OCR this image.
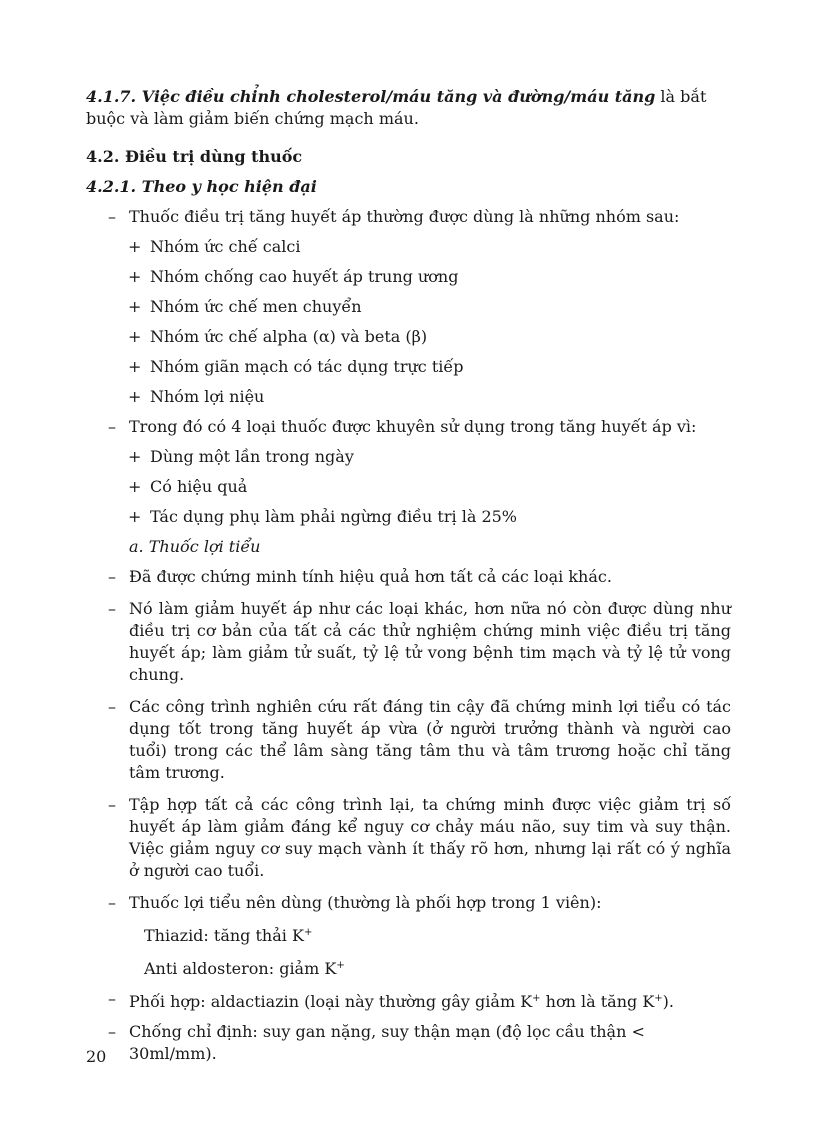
4.1.7. Việc điều chỉnh cholesterol/máu tăng và đường/máu tăng là bắt
buộc và làm giảm biến chứng mạch máu.
4.2. Điều trị dùng thuốc
4.2.1. Theo y học hiện đại
– Thuốc điều trị tăng huyết áp thường được dùng là những nhóm sau:
+ Nhóm ức chế calci
+ Nhóm chống cao huyết áp trung ương
+ Nhóm ức chế men chuyển
+ Nhóm ức chế alpha (α) và beta (β)
+ Nhóm giãn mạch có tác dụng trực tiếp
+ Nhóm lợi niệu
– Trong đó có 4 loại thuốc được khuyên sử dụng trong tăng huyết áp vì:
+ Dùng một lần trong ngày
+ Có hiệu quả
+ Tác dụng phụ làm phải ngừng điều trị là 25%
a. Thuốc lợi tiểu
– Đã được chứng minh tính hiệu quả hơn tất cả các loại khác.
– Nó làm giảm huyết áp như các loại khác, hơn nữa nó còn được dùng như điều trị cơ bản của tất cả các thử nghiệm chứng minh việc điều trị tăng huyết áp; làm giảm tử suất, tỷ lệ tử vong bệnh tim mạch và tỷ lệ tử vong chung.
– Các công trình nghiên cứu rất đáng tin cậy đã chứng minh lợi tiểu có tác dụng tốt trong tăng huyết áp vừa (ở người trưởng thành và người cao tuổi) trong các thể lâm sàng tăng tâm thu và tâm trương hoặc chỉ tăng tâm trương.
– Tập hợp tất cả các công trình lại, ta chứng minh được việc giảm trị số huyết áp làm giảm đáng kể nguy cơ chảy máu não, suy tim và suy thận. Việc giảm nguy cơ suy mạch vành ít thấy rõ hơn, nhưng lại rất có ý nghĩa ở người cao tuổi.
– Thuốc lợi tiểu nên dùng (thường là phối hợp trong 1 viên):
Thiazid: tăng thải K+
Anti aldosteron: giảm K+
– Phối hợp: aldactiazin (loại này thường gây giảm K+ hơn là tăng K+).
– Chống chỉ định: suy gan nặng, suy thận mạn (độ lọc cầu thận < 30ml/mm).
20
